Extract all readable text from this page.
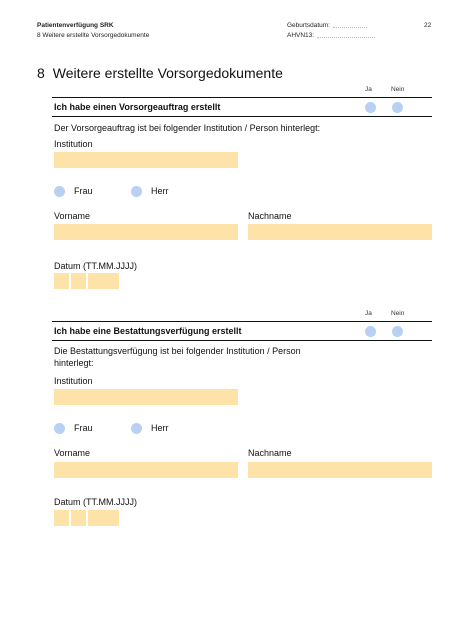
Patientenverfügung SRK
8 Weitere erstellte Vorsorgedokumente
Geburtsdatum:
AHVN13:
22
8 Weitere erstellte Vorsorgedokumente
Ja	Nein
Ich habe einen Vorsorgeauftrag erstellt
Der Vorsorgeauftrag ist bei folgender Institution / Person hinterlegt:
Institution
Frau	Herr
Vorname	Nachname
Datum (TT.MM.JJJJ)
Ja	Nein
Ich habe eine Bestattungsverfügung erstellt
Die Bestattungsverfügung ist bei folgender Institution / Person
hinterlegt:
Institution
Frau	Herr
Vorname	Nachname
Datum (TT.MM.JJJJ)
